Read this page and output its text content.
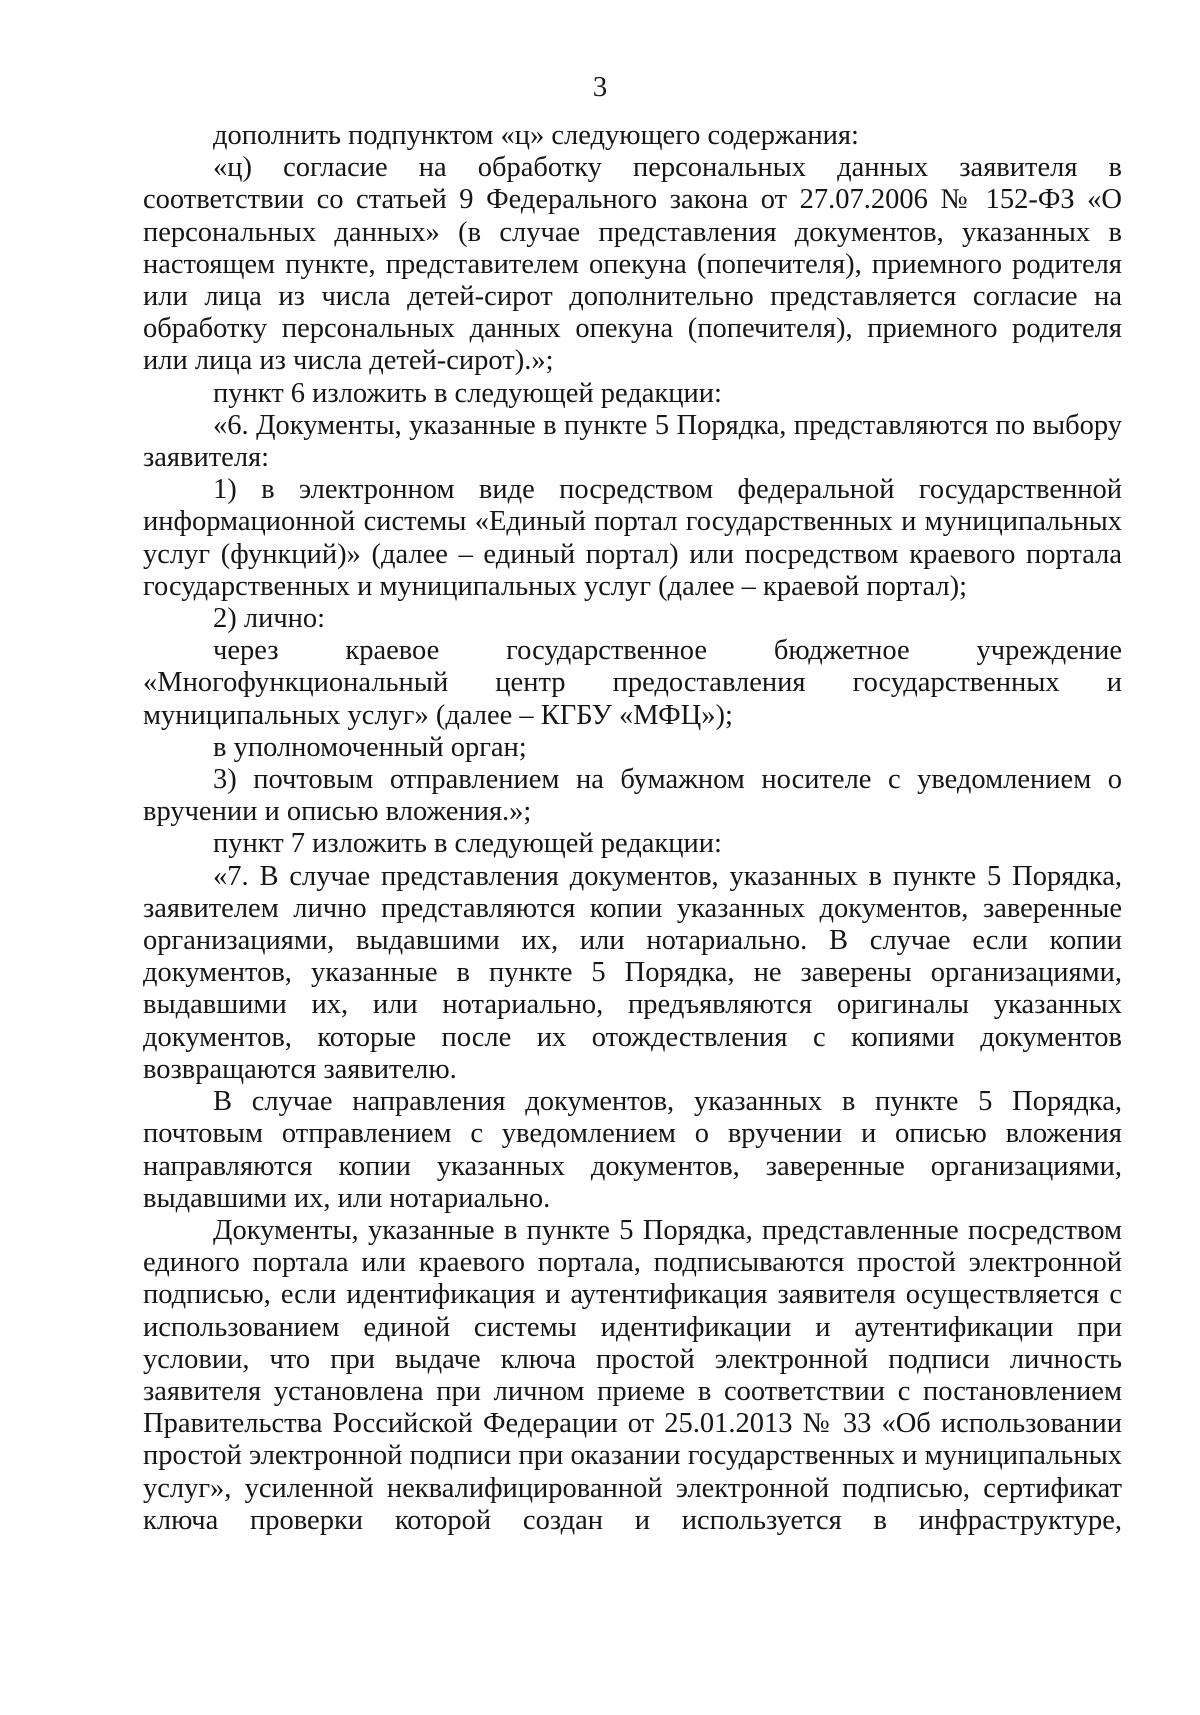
3

дополнить подпунктом «ц» следующего содержания:

«ц) согласие на обработку персональных данных заявителя в соответствии со статьей 9 Федерального закона от 27.07.2006 № 152-ФЗ «О персональных данных» (в случае представления документов, указанных в настоящем пункте, представителем опекуна (попечителя), приемного родителя или лица из числа детей-сирот дополнительно представляется согласие на обработку персональных данных опекуна (попечителя), приемного родителя или лица из числа детей-сирот).»;

пункт 6 изложить в следующей редакции:

«6. Документы, указанные в пункте 5 Порядка, представляются по выбору заявителя:

1) в электронном виде посредством федеральной государственной информационной системы «Единый портал государственных и муниципальных услуг (функций)» (далее – единый портал) или посредством краевого портала государственных и муниципальных услуг (далее – краевой портал);

2) лично:

через краевое государственное бюджетное учреждение «Многофункциональный центр предоставления государственных и муниципальных услуг» (далее – КГБУ «МФЦ»);

в уполномоченный орган;

3) почтовым отправлением на бумажном носителе с уведомлением о вручении и описью вложения.»;

пункт 7 изложить в следующей редакции:

«7. В случае представления документов, указанных в пункте 5 Порядка, заявителем лично представляются копии указанных документов, заверенные организациями, выдавшими их, или нотариально. В случае если копии документов, указанные в пункте 5 Порядка, не заверены организациями, выдавшими их, или нотариально, предъявляются оригиналы указанных документов, которые после их отождествления с копиями документов возвращаются заявителю.

В случае направления документов, указанных в пункте 5 Порядка, почтовым отправлением с уведомлением о вручении и описью вложения направляются копии указанных документов, заверенные организациями, выдавшими их, или нотариально.

Документы, указанные в пункте 5 Порядка, представленные посредством единого портала или краевого портала, подписываются простой электронной подписью, если идентификация и аутентификация заявителя осуществляется с использованием единой системы идентификации и аутентификации при условии, что при выдаче ключа простой электронной подписи личность заявителя установлена при личном приеме в соответствии с постановлением Правительства Российской Федерации от 25.01.2013 № 33 «Об использовании простой электронной подписи при оказании государственных и муниципальных услуг», усиленной неквалифицированной электронной подписью, сертификат ключа проверки которой создан и используется в инфраструктуре,
